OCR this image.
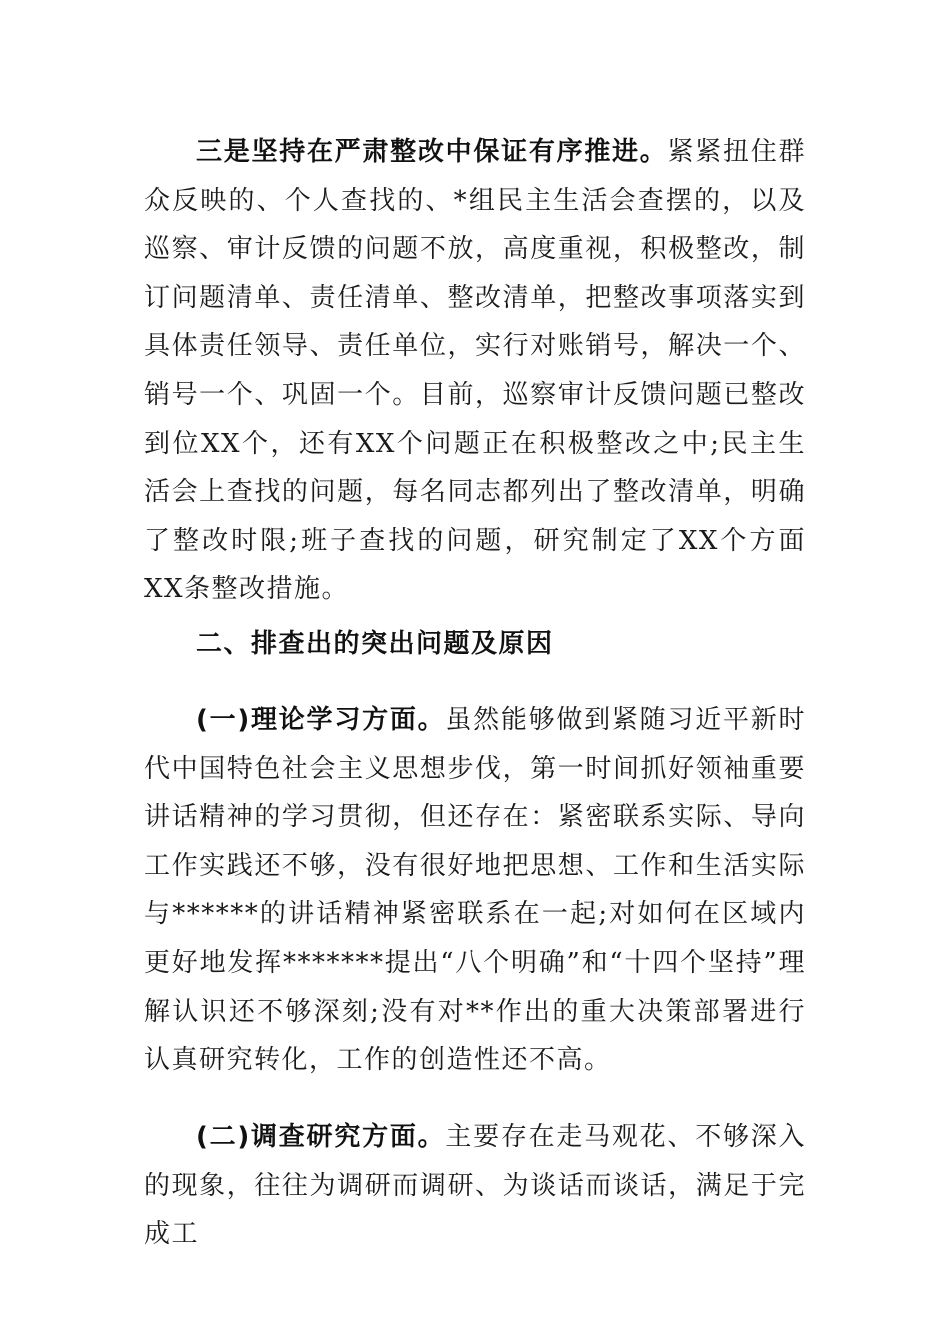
三是坚持在严肃整改中保证有序推进。紧紧扭住群众反映的、个人查找的、*组民主生活会查摆的，以及巡察、审计反馈的问题不放，高度重视，积极整改，制订问题清单、责任清单、整改清单，把整改事项落实到具体责任领导、责任单位，实行对账销号，解决一个、销号一个、巩固一个。目前，巡察审计反馈问题已整改到位XX个，还有XX个问题正在积极整改之中;民主生活会上查找的问题，每名同志都列出了整改清单，明确了整改时限;班子查找的问题，研究制定了XX个方面XX条整改措施。

二、排查出的突出问题及原因

(一)理论学习方面。虽然能够做到紧随习近平新时代中国特色社会主义思想步伐，第一时间抓好领袖重要讲话精神的学习贯彻，但还存在：紧密联系实际、导向工作实践还不够，没有很好地把思想、工作和生活实际与******的讲话精神紧密联系在一起;对如何在区域内更好地发挥*******提出“八个明确”和“十四个坚持”理解认识还不够深刻;没有对**作出的重大决策部署进行认真研究转化，工作的创造性还不高。

(二)调查研究方面。主要存在走马观花、不够深入的现象，往往为调研而调研、为谈话而谈话，满足于完成工
